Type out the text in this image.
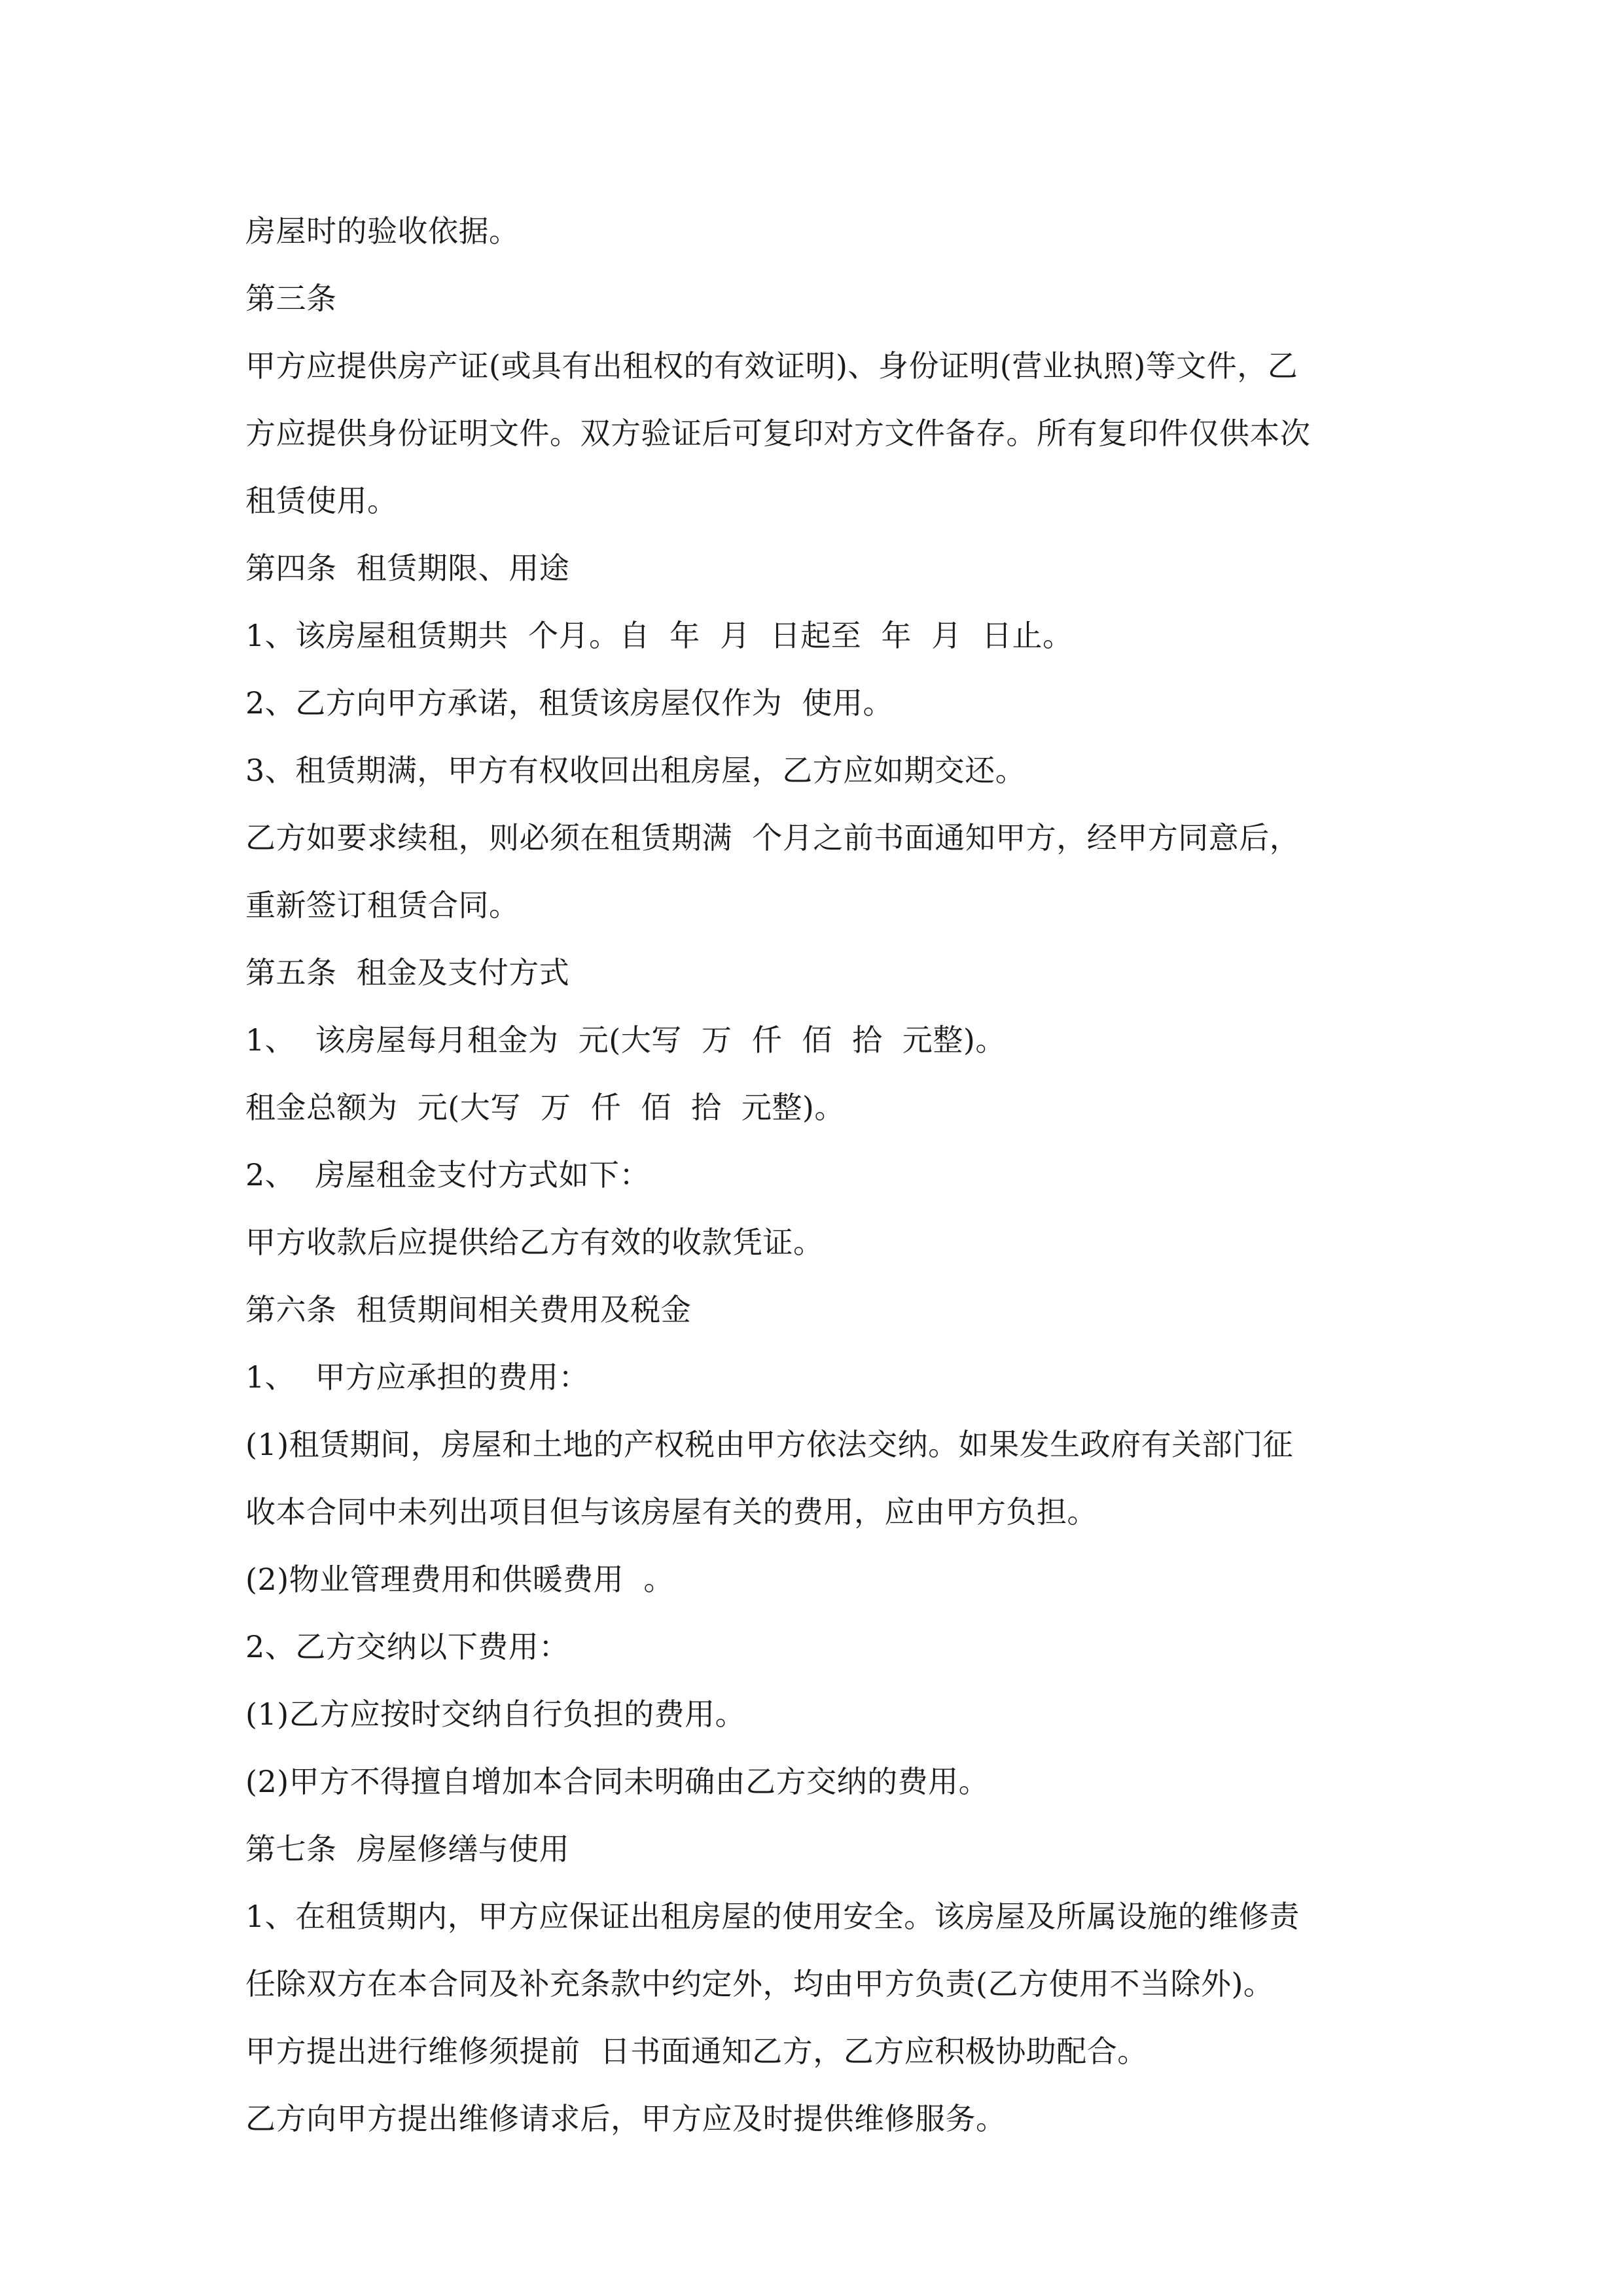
房屋时的验收依据。
第三条
甲方应提供房产证(或具有出租权的有效证明)、身份证明(营业执照)等文件，乙
方应提供身份证明文件。双方验证后可复印对方文件备存。所有复印件仅供本次
租赁使用。
第四条  租赁期限、用途
1、该房屋租赁期共  个月。自  年  月  日起至  年  月  日止。
2、乙方向甲方承诺，租赁该房屋仅作为  使用。
3、租赁期满，甲方有权收回出租房屋，乙方应如期交还。
乙方如要求续租，则必须在租赁期满  个月之前书面通知甲方，经甲方同意后，
重新签订租赁合同。
第五条  租金及支付方式
1、  该房屋每月租金为  元(大写  万  仟  佰  拾  元整)。
租金总额为  元(大写  万  仟  佰  拾  元整)。
2、  房屋租金支付方式如下：
甲方收款后应提供给乙方有效的收款凭证。
第六条  租赁期间相关费用及税金
1、  甲方应承担的费用：
(1)租赁期间，房屋和土地的产权税由甲方依法交纳。如果发生政府有关部门征
收本合同中未列出项目但与该房屋有关的费用，应由甲方负担。
(2)物业管理费用和供暖费用  。
2、乙方交纳以下费用：
(1)乙方应按时交纳自行负担的费用。
(2)甲方不得擅自增加本合同未明确由乙方交纳的费用。
第七条  房屋修缮与使用
1、在租赁期内，甲方应保证出租房屋的使用安全。该房屋及所属设施的维修责
任除双方在本合同及补充条款中约定外，均由甲方负责(乙方使用不当除外)。
甲方提出进行维修须提前  日书面通知乙方，乙方应积极协助配合。
乙方向甲方提出维修请求后，甲方应及时提供维修服务。
